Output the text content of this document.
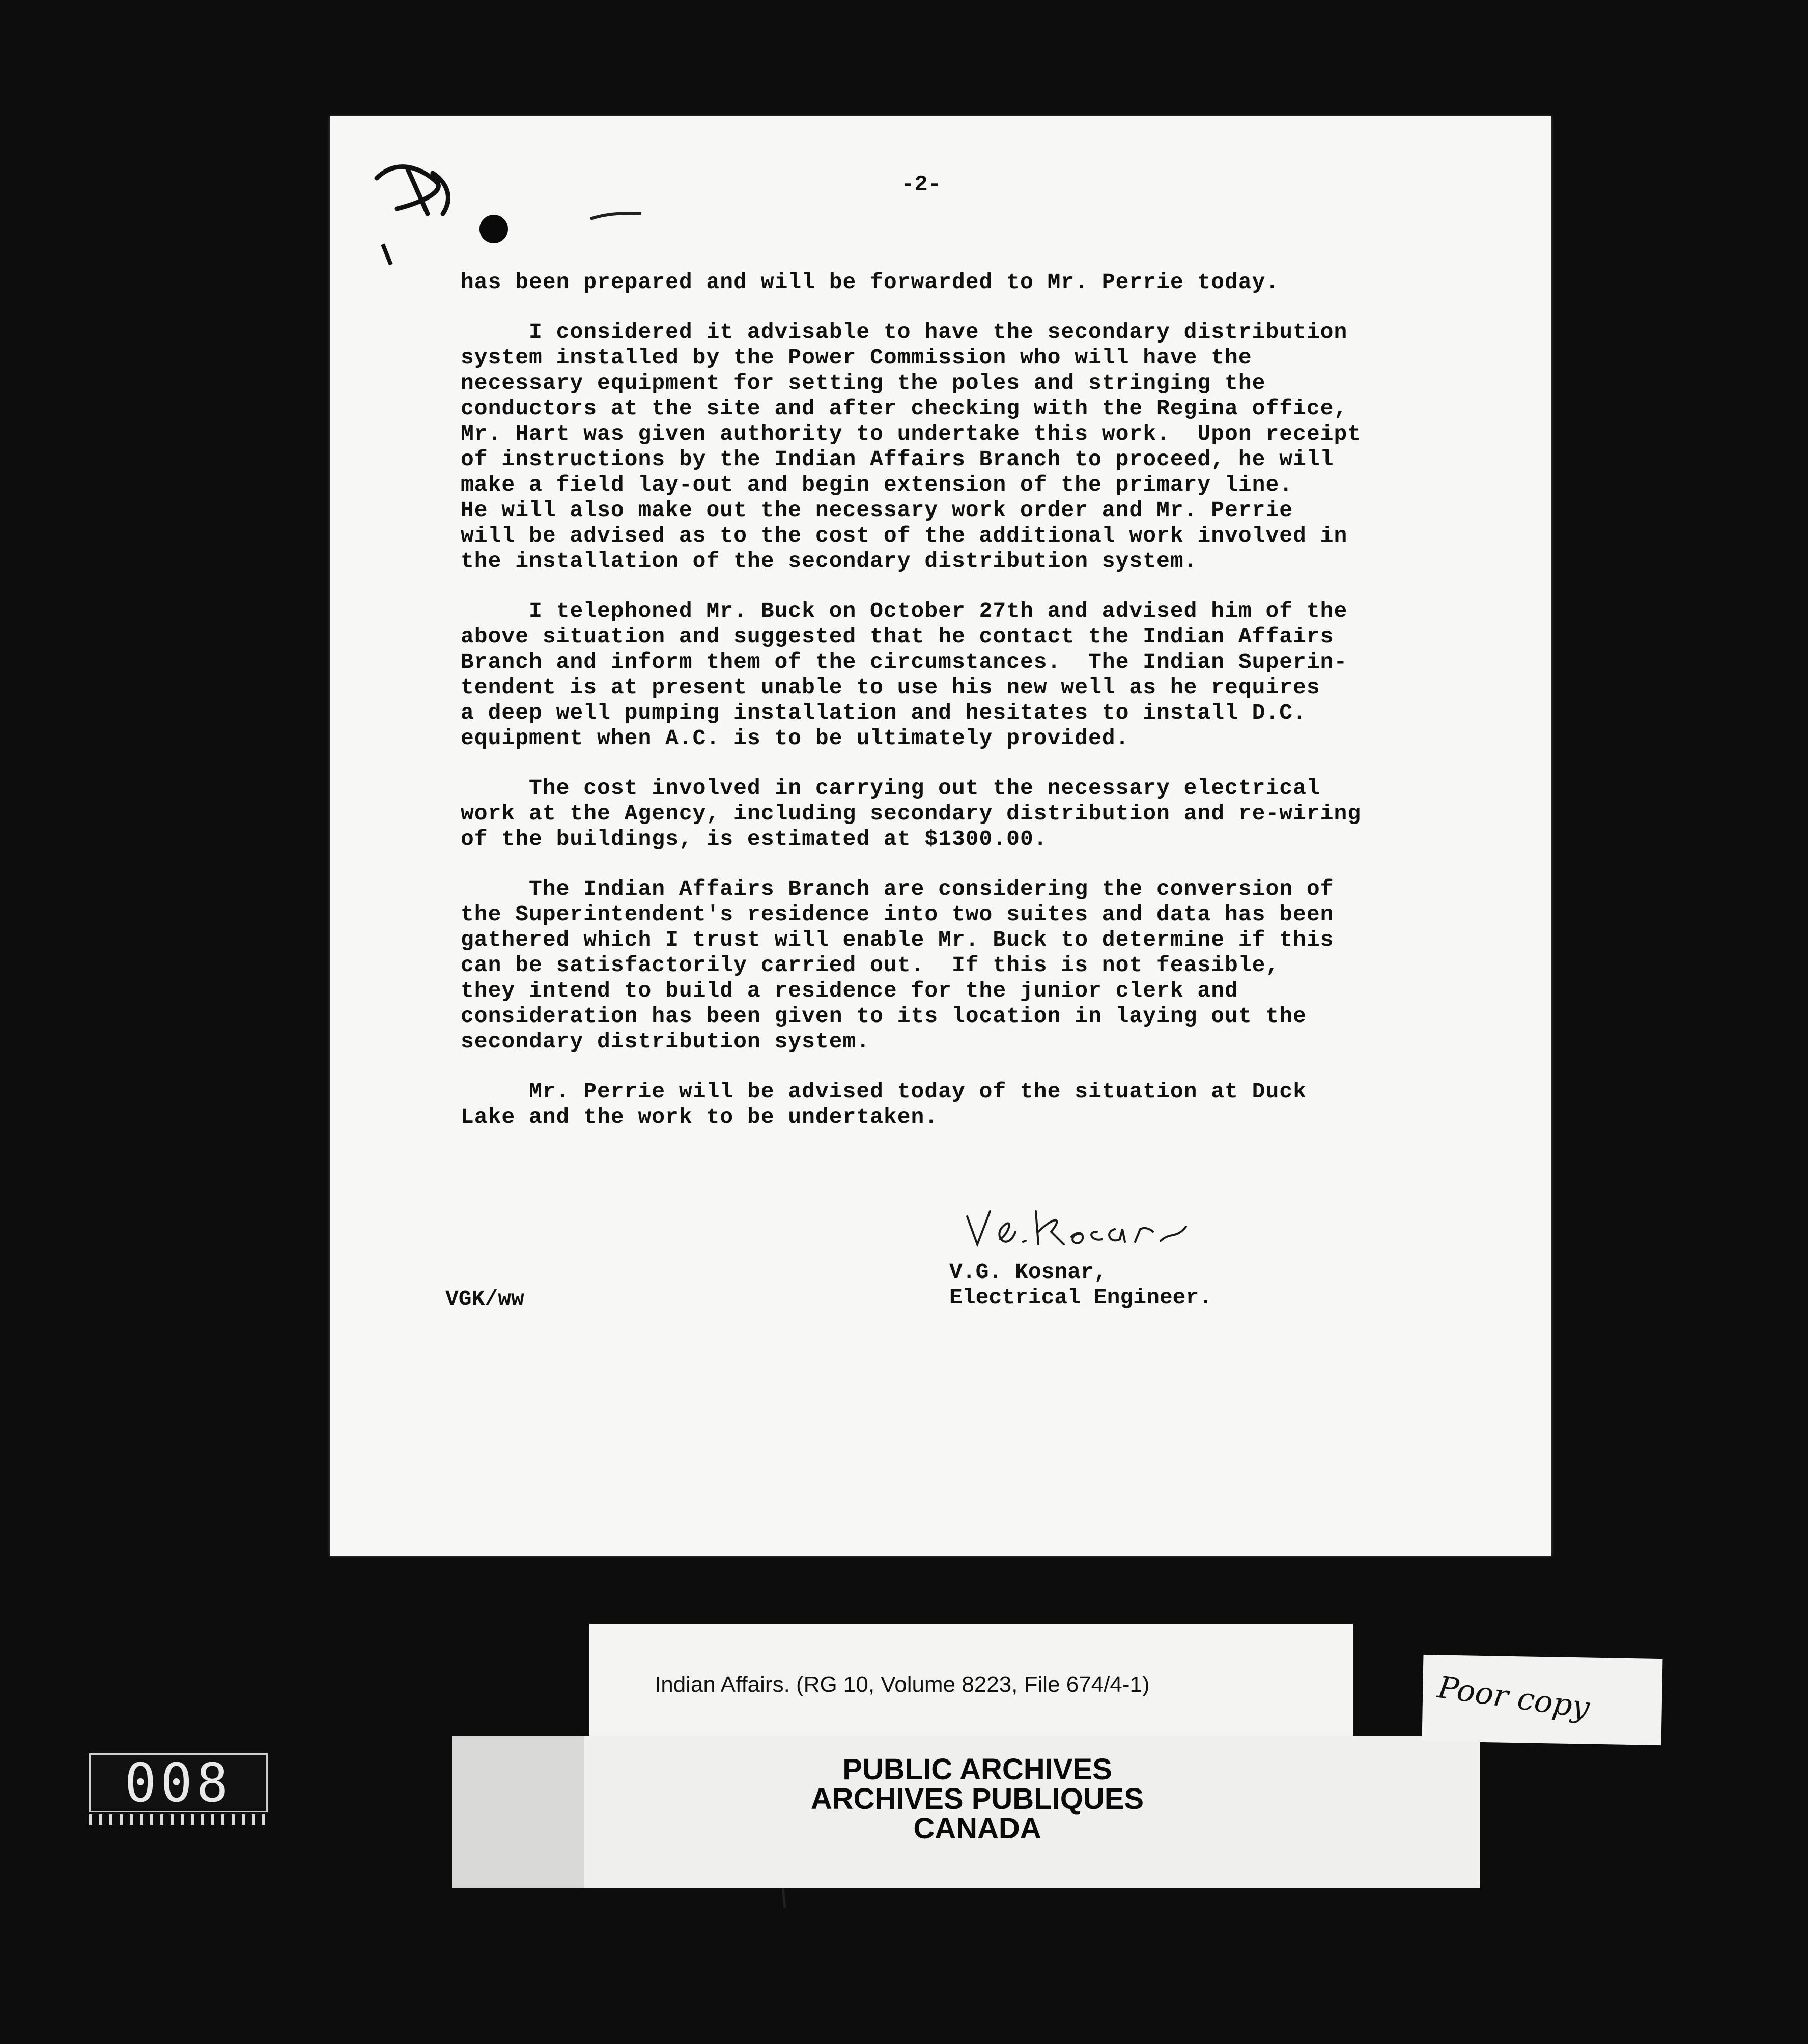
-2-

has been prepared and will be forwarded to Mr. Perrie today.

I considered it advisable to have the secondary distribution
system installed by the Power Commission who will have the
necessary equipment for setting the poles and stringing the
conductors at the site and after checking with the Regina office,
Mr. Hart was given authority to undertake this work.  Upon receipt
of instructions by the Indian Affairs Branch to proceed, he will
make a field lay-out and begin extension of the primary line.
He will also make out the necessary work order and Mr. Perrie
will be advised as to the cost of the additional work involved in
the installation of the secondary distribution system.

I telephoned Mr. Buck on October 27th and advised him of the
above situation and suggested that he contact the Indian Affairs
Branch and inform them of the circumstances.  The Indian Superin-
tendent is at present unable to use his new well as he requires
a deep well pumping installation and hesitates to install D.C.
equipment when A.C. is to be ultimately provided.

The cost involved in carrying out the necessary electrical
work at the Agency, including secondary distribution and re-wiring
of the buildings, is estimated at $1300.00.

The Indian Affairs Branch are considering the conversion of
the Superintendent's residence into two suites and data has been
gathered which I trust will enable Mr. Buck to determine if this
can be satisfactorily carried out.  If this is not feasible,
they intend to build a residence for the junior clerk and
consideration has been given to its location in laying out the
secondary distribution system.

Mr. Perrie will be advised today of the situation at Duck
Lake and the work to be undertaken.

V.G. Kosnar,
Electrical Engineer.
VGK/ww
Indian Affairs. (RG 10, Volume 8223, File 674/4-1)
PUBLIC ARCHIVES
ARCHIVES PUBLIQUES
CANADA
Poor copy
008
